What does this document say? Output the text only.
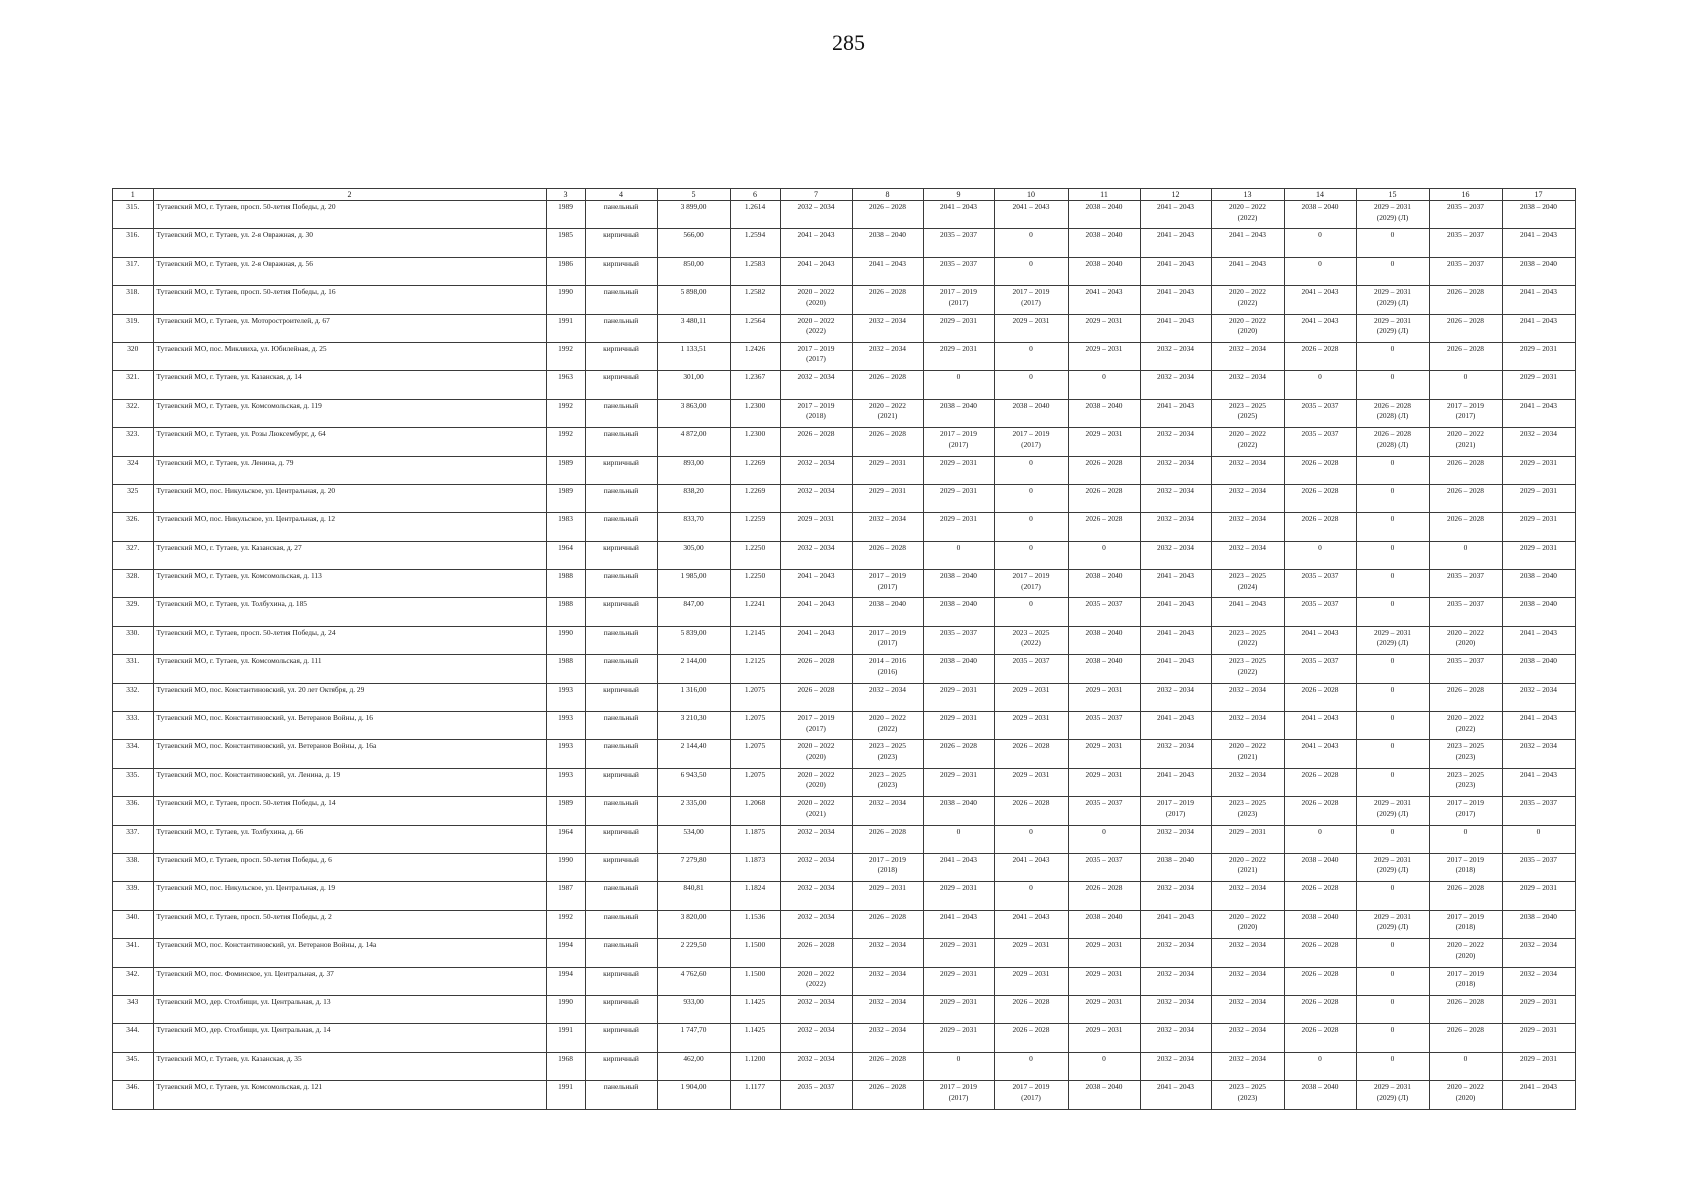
285
1	2	3	4	5	6	7	8	9	10	11	12	13	14	15	16	17
315.	Тутаевский МО, г. Тутаев, просп. 50-летия Победы, д. 20	1989	панельный	3 899,00	1.2614	2032 – 2034	2026 – 2028	2041 – 2043	2041 – 2043	2038 – 2040	2041 – 2043	2020 – 2022
(2022)	2038 – 2040	2029 – 2031
(2029) (Л)	2035 – 2037	2038 – 2040
316.	Тутаевский МО, г. Тутаев, ул. 2-я Овражная, д. 30	1985	кирпичный	566,00	1.2594	2041 – 2043	2038 – 2040	2035 – 2037	0	2038 – 2040	2041 – 2043	2041 – 2043	0	0	2035 – 2037	2041 – 2043
317.	Тутаевский МО, г. Тутаев, ул. 2-я Овражная, д. 56	1986	кирпичный	850,00	1.2583	2041 – 2043	2041 – 2043	2035 – 2037	0	2038 – 2040	2041 – 2043	2041 – 2043	0	0	2035 – 2037	2038 – 2040
318.	Тутаевский МО, г. Тутаев, просп. 50-летия Победы, д. 16	1990	панельный	5 898,00	1.2582	2020 – 2022
(2020)	2026 – 2028	2017 – 2019
(2017)	2017 – 2019
(2017)	2041 – 2043	2041 – 2043	2020 – 2022
(2022)	2041 – 2043	2029 – 2031
(2029) (Л)	2026 – 2028	2041 – 2043
319.	Тутаевский МО, г. Тутаев, ул. Моторостроителей, д. 67	1991	панельный	3 480,11	1.2564	2020 – 2022
(2022)	2032 – 2034	2029 – 2031	2029 – 2031	2029 – 2031	2041 – 2043	2020 – 2022
(2020)	2041 – 2043	2029 – 2031
(2029) (Л)	2026 – 2028	2041 – 2043
320	Тутаевский МО, пос. Микляиха, ул. Юбилейная, д. 25	1992	кирпичный	1 133,51	1.2426	2017 – 2019
(2017)	2032 – 2034	2029 – 2031	0	2029 – 2031	2032 – 2034	2032 – 2034	2026 – 2028	0	2026 – 2028	2029 – 2031
321.	Тутаевский МО, г. Тутаев, ул. Казанская, д. 14	1963	кирпичный	301,00	1.2367	2032 – 2034	2026 – 2028	0	0	0	2032 – 2034	2032 – 2034	0	0	0	2029 – 2031
322.	Тутаевский МО, г. Тутаев, ул. Комсомольская, д. 119	1992	панельный	3 863,00	1.2300	2017 – 2019
(2018)	2020 – 2022
(2021)	2038 – 2040	2038 – 2040	2038 – 2040	2041 – 2043	2023 – 2025
(2025)	2035 – 2037	2026 – 2028
(2028) (Л)	2017 – 2019
(2017)	2041 – 2043
323.	Тутаевский МО, г. Тутаев, ул. Розы Люксембург, д. 64	1992	панельный	4 872,00	1.2300	2026 – 2028	2026 – 2028	2017 – 2019
(2017)	2017 – 2019
(2017)	2029 – 2031	2032 – 2034	2020 – 2022
(2022)	2035 – 2037	2026 – 2028
(2028) (Л)	2020 – 2022
(2021)	2032 – 2034
324	Тутаевский МО, г. Тутаев, ул. Ленина, д. 79	1989	кирпичный	893,00	1.2269	2032 – 2034	2029 – 2031	2029 – 2031	0	2026 – 2028	2032 – 2034	2032 – 2034	2026 – 2028	0	2026 – 2028	2029 – 2031
325	Тутаевский МО, пос. Никульское, ул. Центральная, д. 20	1989	панельный	838,20	1.2269	2032 – 2034	2029 – 2031	2029 – 2031	0	2026 – 2028	2032 – 2034	2032 – 2034	2026 – 2028	0	2026 – 2028	2029 – 2031
326.	Тутаевский МО, пос. Никульское, ул. Центральная, д. 12	1983	панельный	833,70	1.2259	2029 – 2031	2032 – 2034	2029 – 2031	0	2026 – 2028	2032 – 2034	2032 – 2034	2026 – 2028	0	2026 – 2028	2029 – 2031
327.	Тутаевский МО, г. Тутаев, ул. Казанская, д. 27	1964	кирпичный	305,00	1.2250	2032 – 2034	2026 – 2028	0	0	0	2032 – 2034	2032 – 2034	0	0	0	2029 – 2031
328.	Тутаевский МО, г. Тутаев, ул. Комсомольская, д. 113	1988	панельный	1 985,00	1.2250	2041 – 2043	2017 – 2019
(2017)	2038 – 2040	2017 – 2019
(2017)	2038 – 2040	2041 – 2043	2023 – 2025
(2024)	2035 – 2037	0	2035 – 2037	2038 – 2040
329.	Тутаевский МО, г. Тутаев, ул. Толбухина, д. 185	1988	кирпичный	847,00	1.2241	2041 – 2043	2038 – 2040	2038 – 2040	0	2035 – 2037	2041 – 2043	2041 – 2043	2035 – 2037	0	2035 – 2037	2038 – 2040
330.	Тутаевский МО, г. Тутаев, просп. 50-летия Победы, д. 24	1990	панельный	5 839,00	1.2145	2041 – 2043	2017 – 2019
(2017)	2035 – 2037	2023 – 2025
(2022)	2038 – 2040	2041 – 2043	2023 – 2025
(2022)	2041 – 2043	2029 – 2031
(2029) (Л)	2020 – 2022
(2020)	2041 – 2043
331.	Тутаевский МО, г. Тутаев, ул. Комсомольская, д. 111	1988	панельный	2 144,00	1.2125	2026 – 2028	2014 – 2016
(2016)	2038 – 2040	2035 – 2037	2038 – 2040	2041 – 2043	2023 – 2025
(2022)	2035 – 2037	0	2035 – 2037	2038 – 2040
332.	Тутаевский МО, пос. Константиновский, ул. 20 лет Октября, д. 29	1993	кирпичный	1 316,00	1.2075	2026 – 2028	2032 – 2034	2029 – 2031	2029 – 2031	2029 – 2031	2032 – 2034	2032 – 2034	2026 – 2028	0	2026 – 2028	2032 – 2034
333.	Тутаевский МО, пос. Константиновский, ул. Ветеранов Войны, д. 16	1993	панельный	3 210,30	1.2075	2017 – 2019
(2017)	2020 – 2022
(2022)	2029 – 2031	2029 – 2031	2035 – 2037	2041 – 2043	2032 – 2034	2041 – 2043	0	2020 – 2022
(2022)	2041 – 2043
334.	Тутаевский МО, пос. Константиновский, ул. Ветеранов Войны, д. 16а	1993	панельный	2 144,40	1.2075	2020 – 2022
(2020)	2023 – 2025
(2023)	2026 – 2028	2026 – 2028	2029 – 2031	2032 – 2034	2020 – 2022
(2021)	2041 – 2043	0	2023 – 2025
(2023)	2032 – 2034
335.	Тутаевский МО, пос. Константиновский, ул. Ленина, д. 19	1993	кирпичный	6 943,50	1.2075	2020 – 2022
(2020)	2023 – 2025
(2023)	2029 – 2031	2029 – 2031	2029 – 2031	2041 – 2043	2032 – 2034	2026 – 2028	0	2023 – 2025
(2023)	2041 – 2043
336.	Тутаевский МО, г. Тутаев, просп. 50-летия Победы, д. 14	1989	панельный	2 335,00	1.2068	2020 – 2022
(2021)	2032 – 2034	2038 – 2040	2026 – 2028	2035 – 2037	2017 – 2019
(2017)	2023 – 2025
(2023)	2026 – 2028	2029 – 2031
(2029) (Л)	2017 – 2019
(2017)	2035 – 2037
337.	Тутаевский МО, г. Тутаев, ул. Толбухина, д. 66	1964	кирпичный	534,00	1.1875	2032 – 2034	2026 – 2028	0	0	0	2032 – 2034	2029 – 2031	0	0	0	0
338.	Тутаевский МО, г. Тутаев, просп. 50-летия Победы, д. 6	1990	кирпичный	7 279,80	1.1873	2032 – 2034	2017 – 2019
(2018)	2041 – 2043	2041 – 2043	2035 – 2037	2038 – 2040	2020 – 2022
(2021)	2038 – 2040	2029 – 2031
(2029) (Л)	2017 – 2019
(2018)	2035 – 2037
339.	Тутаевский МО, пос. Никульское, ул. Центральная, д. 19	1987	панельный	840,81	1.1824	2032 – 2034	2029 – 2031	2029 – 2031	0	2026 – 2028	2032 – 2034	2032 – 2034	2026 – 2028	0	2026 – 2028	2029 – 2031
340.	Тутаевский МО, г. Тутаев, просп. 50-летия Победы, д. 2	1992	панельный	3 820,00	1.1536	2032 – 2034	2026 – 2028	2041 – 2043	2041 – 2043	2038 – 2040	2041 – 2043	2020 – 2022
(2020)	2038 – 2040	2029 – 2031
(2029) (Л)	2017 – 2019
(2018)	2038 – 2040
341.	Тутаевский МО, пос. Константиновский, ул. Ветеранов Войны, д. 14а	1994	панельный	2 229,50	1.1500	2026 – 2028	2032 – 2034	2029 – 2031	2029 – 2031	2029 – 2031	2032 – 2034	2032 – 2034	2026 – 2028	0	2020 – 2022
(2020)	2032 – 2034
342.	Тутаевский МО, пос. Фоминское, ул. Центральная, д. 37	1994	кирпичный	4 762,60	1.1500	2020 – 2022
(2022)	2032 – 2034	2029 – 2031	2029 – 2031	2029 – 2031	2032 – 2034	2032 – 2034	2026 – 2028	0	2017 – 2019
(2018)	2032 – 2034
343	Тутаевский МО, дер. Столбищи, ул. Центральная, д. 13	1990	кирпичный	933,00	1.1425	2032 – 2034	2032 – 2034	2029 – 2031	2026 – 2028	2029 – 2031	2032 – 2034	2032 – 2034	2026 – 2028	0	2026 – 2028	2029 – 2031
344.	Тутаевский МО, дер. Столбищи, ул. Центральная, д. 14	1991	кирпичный	1 747,70	1.1425	2032 – 2034	2032 – 2034	2029 – 2031	2026 – 2028	2029 – 2031	2032 – 2034	2032 – 2034	2026 – 2028	0	2026 – 2028	2029 – 2031
345.	Тутаевский МО, г. Тутаев, ул. Казанская, д. 35	1968	кирпичный	462,00	1.1200	2032 – 2034	2026 – 2028	0	0	0	2032 – 2034	2032 – 2034	0	0	0	2029 – 2031
346.	Тутаевский МО, г. Тутаев, ул. Комсомольская, д. 121	1991	панельный	1 904,00	1.1177	2035 – 2037	2026 – 2028	2017 – 2019
(2017)	2017 – 2019
(2017)	2038 – 2040	2041 – 2043	2023 – 2025
(2023)	2038 – 2040	2029 – 2031
(2029) (Л)	2020 – 2022
(2020)	2041 – 2043
